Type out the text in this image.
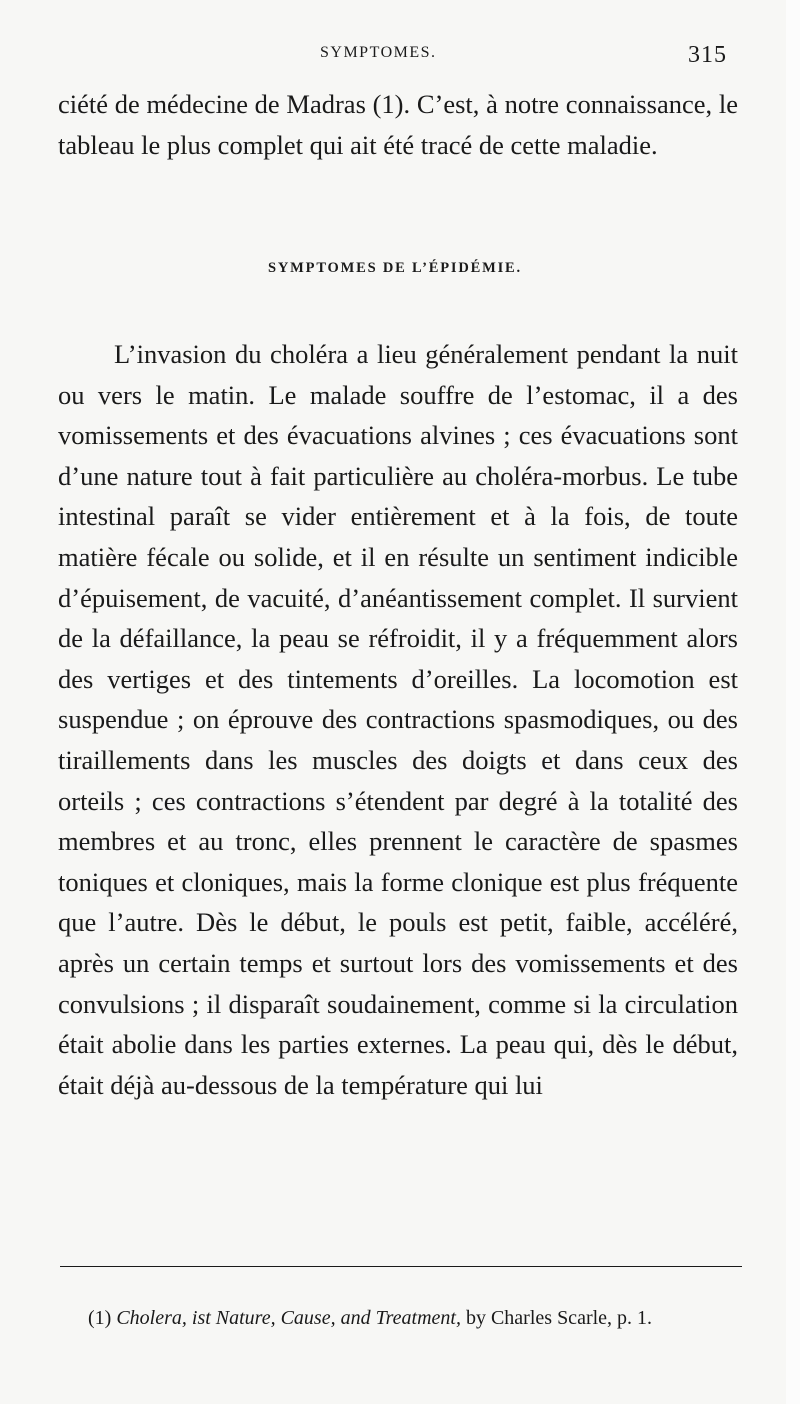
SYMPTOMES.	315

ciété de médecine de Madras (1). C’est, à notre connaissance, le tableau le plus complet qui ait été tracé de cette maladie.

SYMPTOMES DE L’ÉPIDÉMIE.

L’invasion du choléra a lieu généralement pendant la nuit ou vers le matin. Le malade souffre de l’estomac, il a des vomissements et des évacuations alvines ; ces évacuations sont d’une nature tout à fait particulière au choléra-morbus. Le tube intestinal paraît se vider entièrement et à la fois, de toute matière fécale ou solide, et il en résulte un sentiment indicible d’épuisement, de vacuité, d’anéantissement complet. Il survient de la défaillance, la peau se réfroidit, il y a fréquemment alors des vertiges et des tintements d’oreilles. La locomotion est suspendue ; on éprouve des contractions spasmodiques, ou des tiraillements dans les muscles des doigts et dans ceux des orteils ; ces contractions s’étendent par degré à la totalité des membres et au tronc, elles prennent le caractère de spasmes toniques et cloniques, mais la forme clonique est plus fréquente que l’autre. Dès le début, le pouls est petit, faible, accéléré, après un certain temps et surtout lors des vomissements et des convulsions ; il disparaît soudainement, comme si la circulation était abolie dans les parties externes. La peau qui, dès le début, était déjà au-dessous de la température qui lui

(1) Cholera, ist Nature, Cause, and Treatment, by Charles Scarle, p. 1.
